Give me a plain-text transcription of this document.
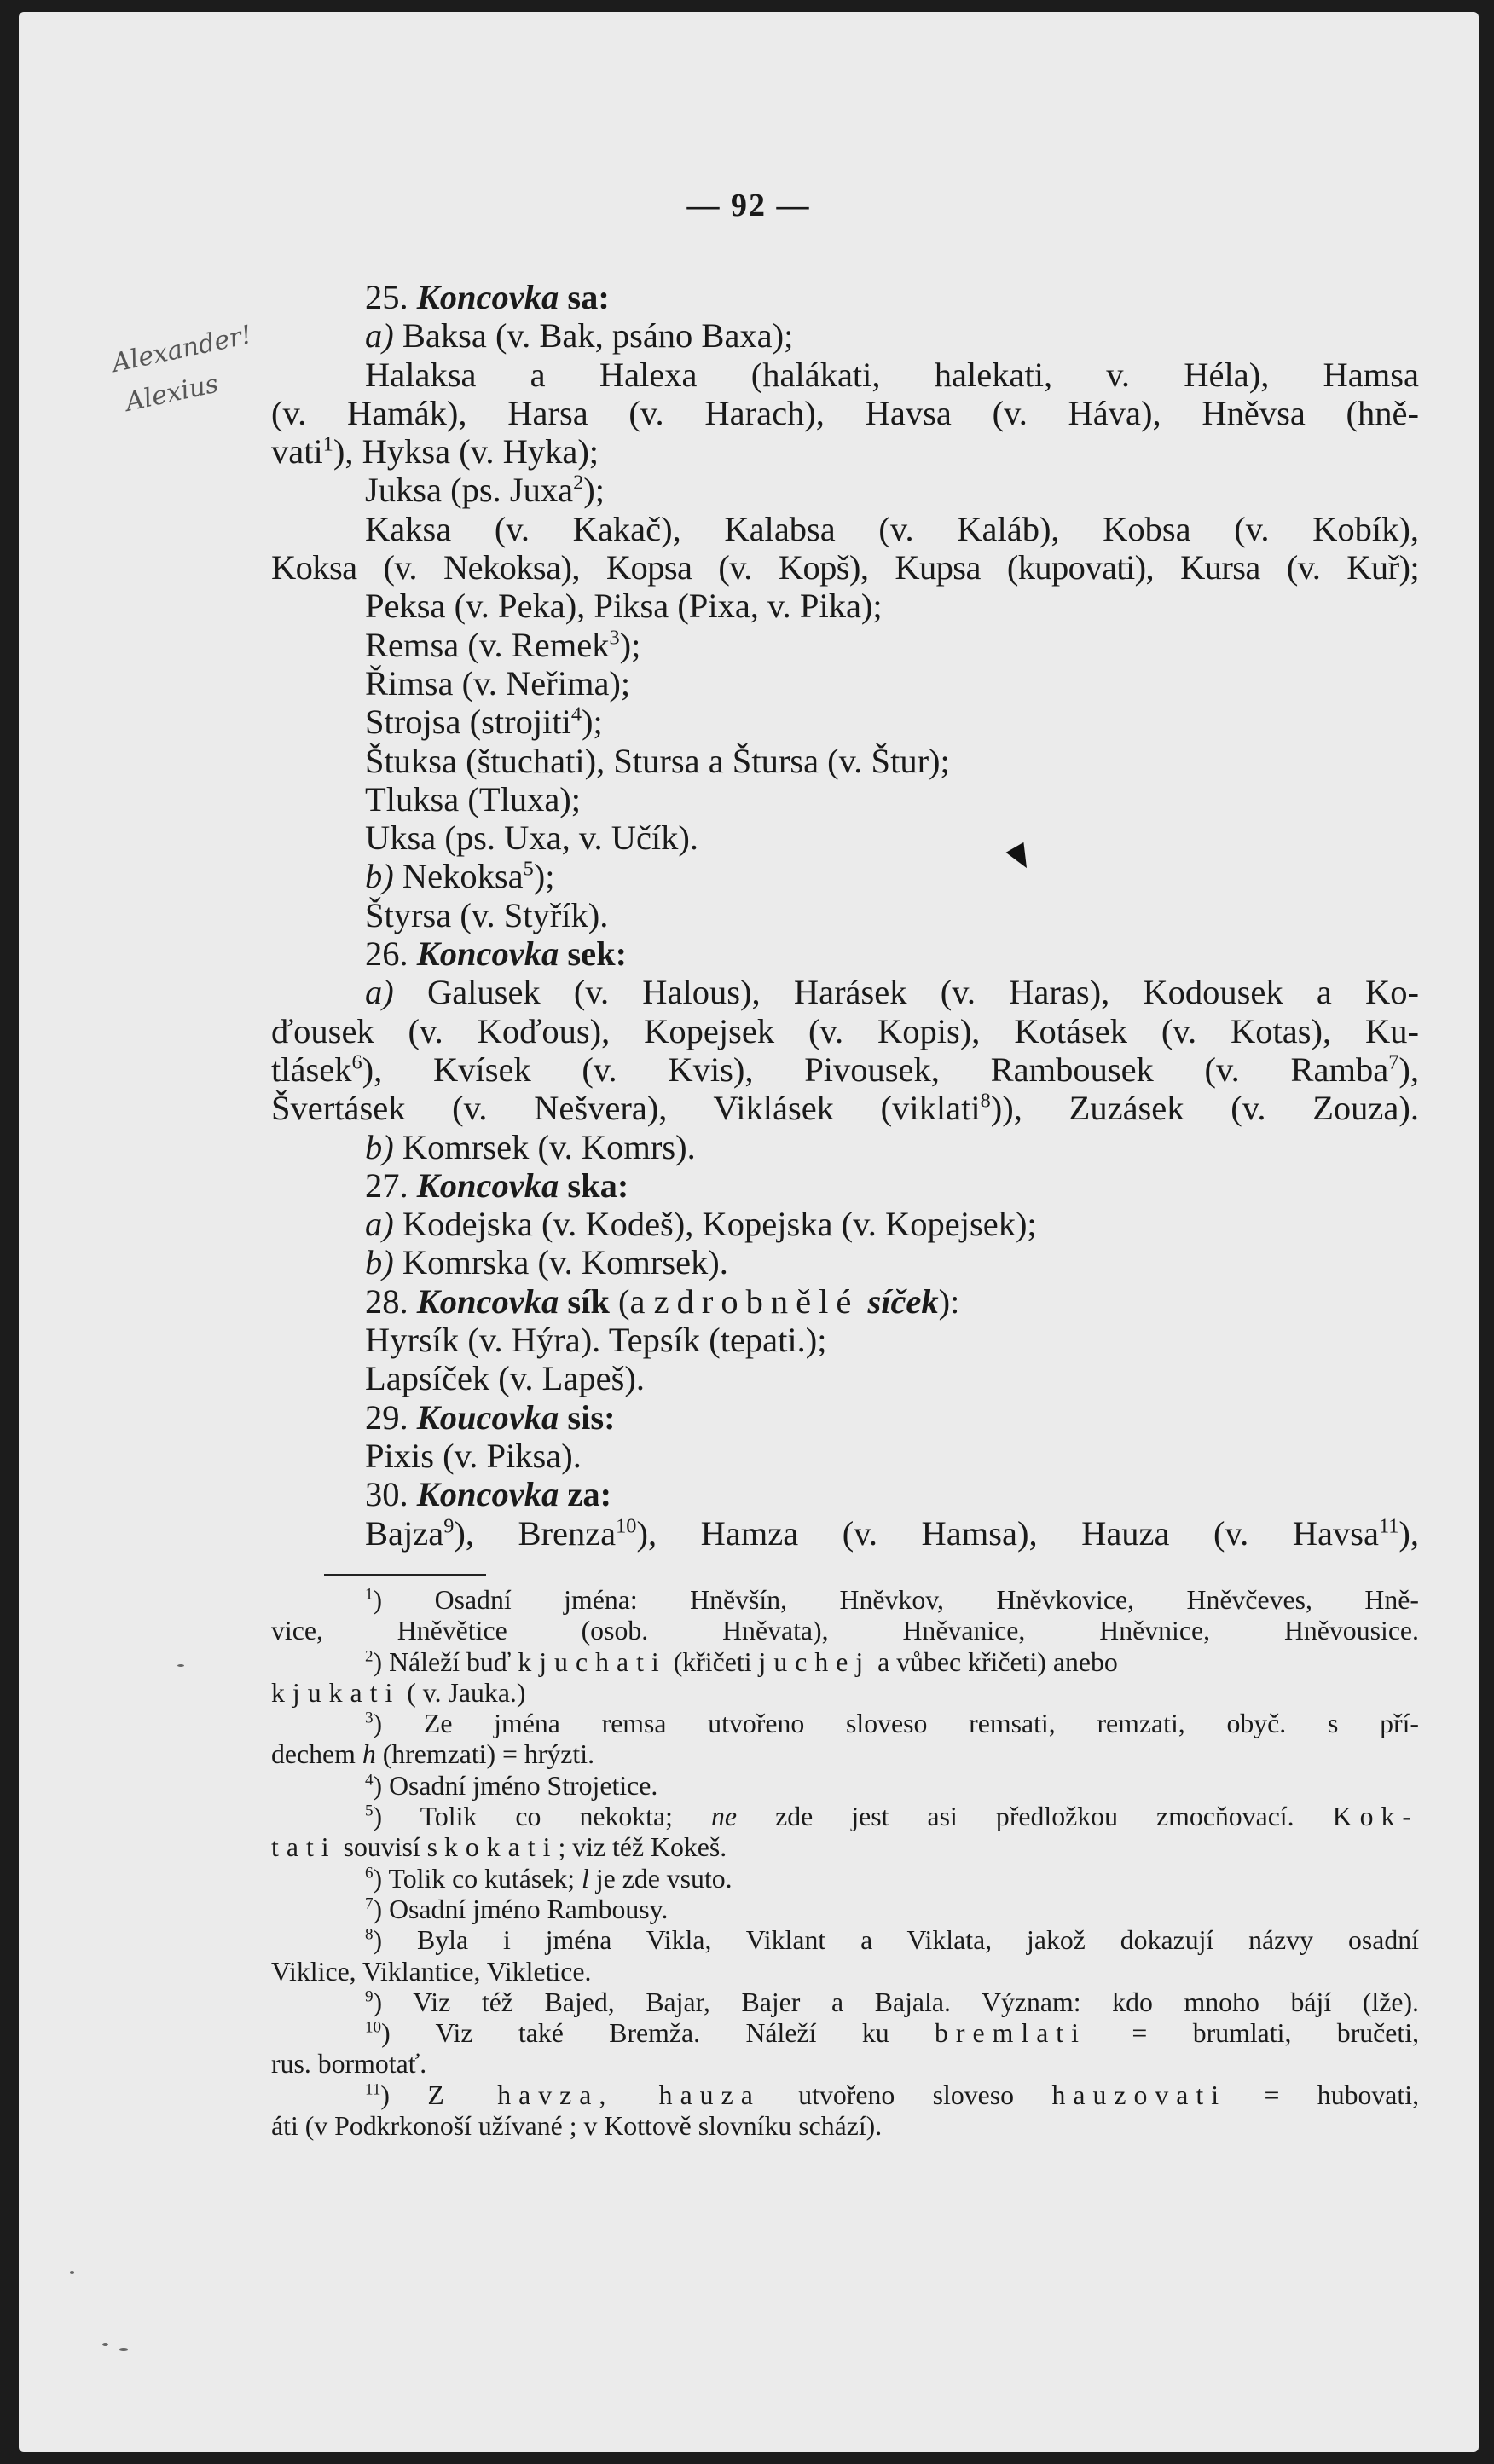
— 92 —
Alexander!
Alexius
25. Koncovka sa:
a) Baksa (v. Bak, psáno Baxa);
Halaksa a Halexa (halákati, halekati, v. Héla), Hamsa
(v. Hamák), Harsa (v. Harach), Havsa (v. Háva), Hněvsa (hně-
vati$^1$), Hyksa (v. Hyka);
Juksa (ps. Juxa$^2$);
Kaksa (v. Kakač), Kalabsa (v. Kaláb), Kobsa (v. Kobík),
Koksa (v. Nekoksa), Kopsa (v. Kopš), Kupsa (kupovati), Kursa (v. Kuř);
Peksa (v. Peka), Piksa (Pixa, v. Pika);
Remsa (v. Remek$^3$);
Řimsa (v. Neřima);
Strojsa (strojiti$^4$);
Štuksa (štuchati), Stursa a Štursa (v. Štur);
Tluksa (Tluxa);
Uksa (ps. Uxa, v. Učík).
b) Nekoksa$^5$);
Štyrsa (v. Styřík).
26. Koncovka sek:
a) Galusek (v. Halous), Harásek (v. Haras), Kodousek a Ko-
ďousek (v. Koďous), Kopejsek (v. Kopis), Kotásek (v. Kotas), Ku-
tlásek$^6$), Kvísek (v. Kvis), Pivousek, Rambousek (v. Ramba$^7$),
Švertásek (v. Nešvera), Viklásek (viklati$^8$)), Zuzásek (v. Zouza).
b) Komrsek (v. Komrs).
27. Koncovka ska:
a) Kodejska (v. Kodeš), Kopejska (v. Kopejsek);
b) Komrska (v. Komrsek).
28. Koncovka sík (a zdrobnělé síček):
Hyrsík (v. Hýra). Tepsík (tepati.);
Lapsíček (v. Lapeš).
29. Koucovka sis:
Pixis (v. Piksa).
30. Koncovka za:
Bajza$^9$), Brenza$^{10}$), Hamza (v. Hamsa), Hauza (v. Havsa$^{11}$),
$^1$) Osadní jména: Hněvšín, Hněvkov, Hněvkovice, Hněvčeves, Hně-
vice, Hněvětice (osob. Hněvata), Hněvanice, Hněvnice, Hněvousice.
$^2$) Náleží buď kjuchati (křičeti juchej a vůbec křičeti) anebo
kjukati ( v. Jauka.)
$^3$) Ze jména remsa utvořeno sloveso remsati, remzati, obyč. s pří-
dechem h (hremzati) = hrýzti.
$^4$) Osadní jméno Strojetice.
$^5$) Tolik co nekokta; ne zde jest asi předložkou zmocňovací. Kok-
tati souvisí s kokati; viz též Kokeš.
$^6$) Tolik co kutásek; l je zde vsuto.
$^7$) Osadní jméno Rambousy.
$^8$) Byla i jména Vikla, Viklant a Viklata, jakož dokazují názvy osadní
Viklice, Viklantice, Vikletice.
$^9$) Viz též Bajed, Bajar, Bajer a Bajala. Význam: kdo mnoho bájí (lže).
$^{10}$) Viz také Bremža. Náleží ku bremlati = brumlati, bručeti,
rus. bormotať.
$^{11}$) Z havza, hauza utvořeno sloveso hauzovati = hubovati,
áti (v Podkrkonoší užívané ; v Kottově slovníku schází).
